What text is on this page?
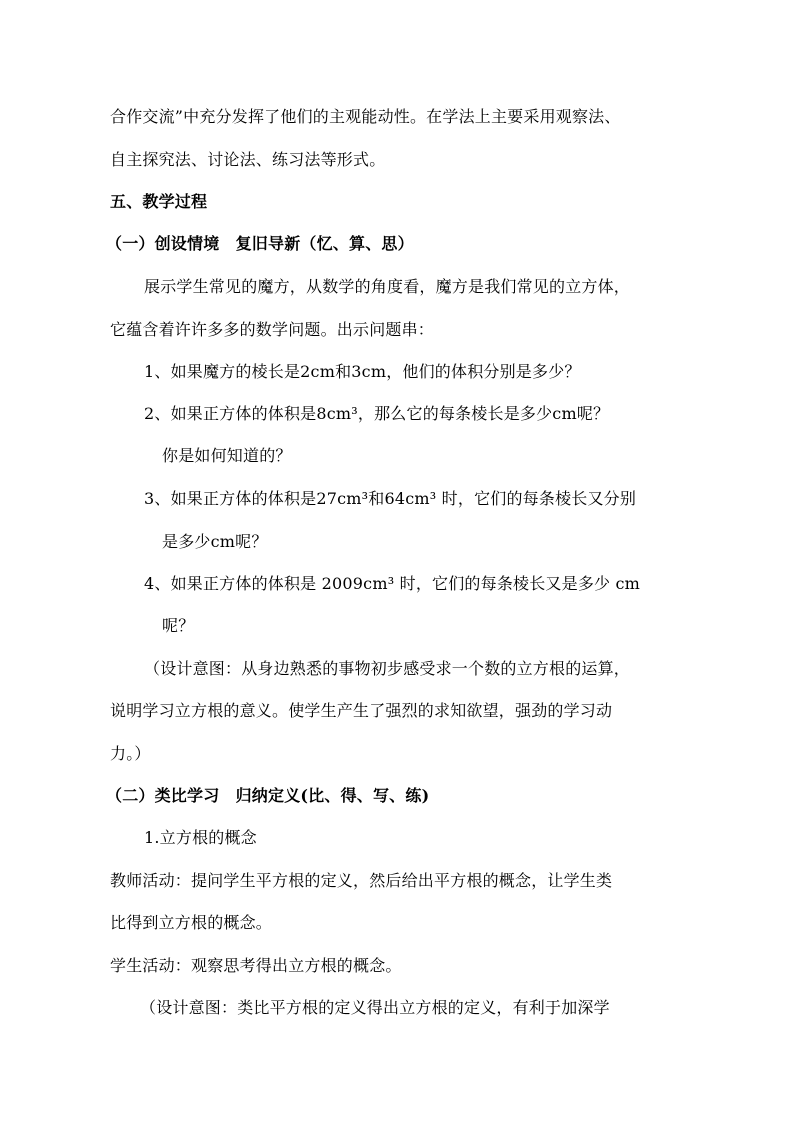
合作交流”中充分发挥了他们的主观能动性。在学法上主要采用观察法、
自主探究法、讨论法、练习法等形式。
五、教学过程
（一）创设情境　复旧导新（忆、算、思）
展示学生常见的魔方，从数学的角度看，魔方是我们常见的立方体，
它蕴含着许许多多的数学问题。出示问题串：
1、如果魔方的棱长是2cm和3cm，他们的体积分别是多少？
2、如果正方体的体积是8cm³，那么它的每条棱长是多少cm呢？
你是如何知道的？
3、如果正方体的体积是27cm³和64cm³ 时，它们的每条棱长又分别
是多少cm呢？
4、如果正方体的体积是 2009cm³ 时，它们的每条棱长又是多少 cm
呢？
（设计意图：从身边熟悉的事物初步感受求一个数的立方根的运算，
说明学习立方根的意义。使学生产生了强烈的求知欲望，强劲的学习动
力。）
（二）类比学习　归纳定义(比、得、写、练)
1.立方根的概念
教师活动：提问学生平方根的定义，然后给出平方根的概念，让学生类
比得到立方根的概念。
学生活动：观察思考得出立方根的概念。
（设计意图：类比平方根的定义得出立方根的定义，有利于加深学
